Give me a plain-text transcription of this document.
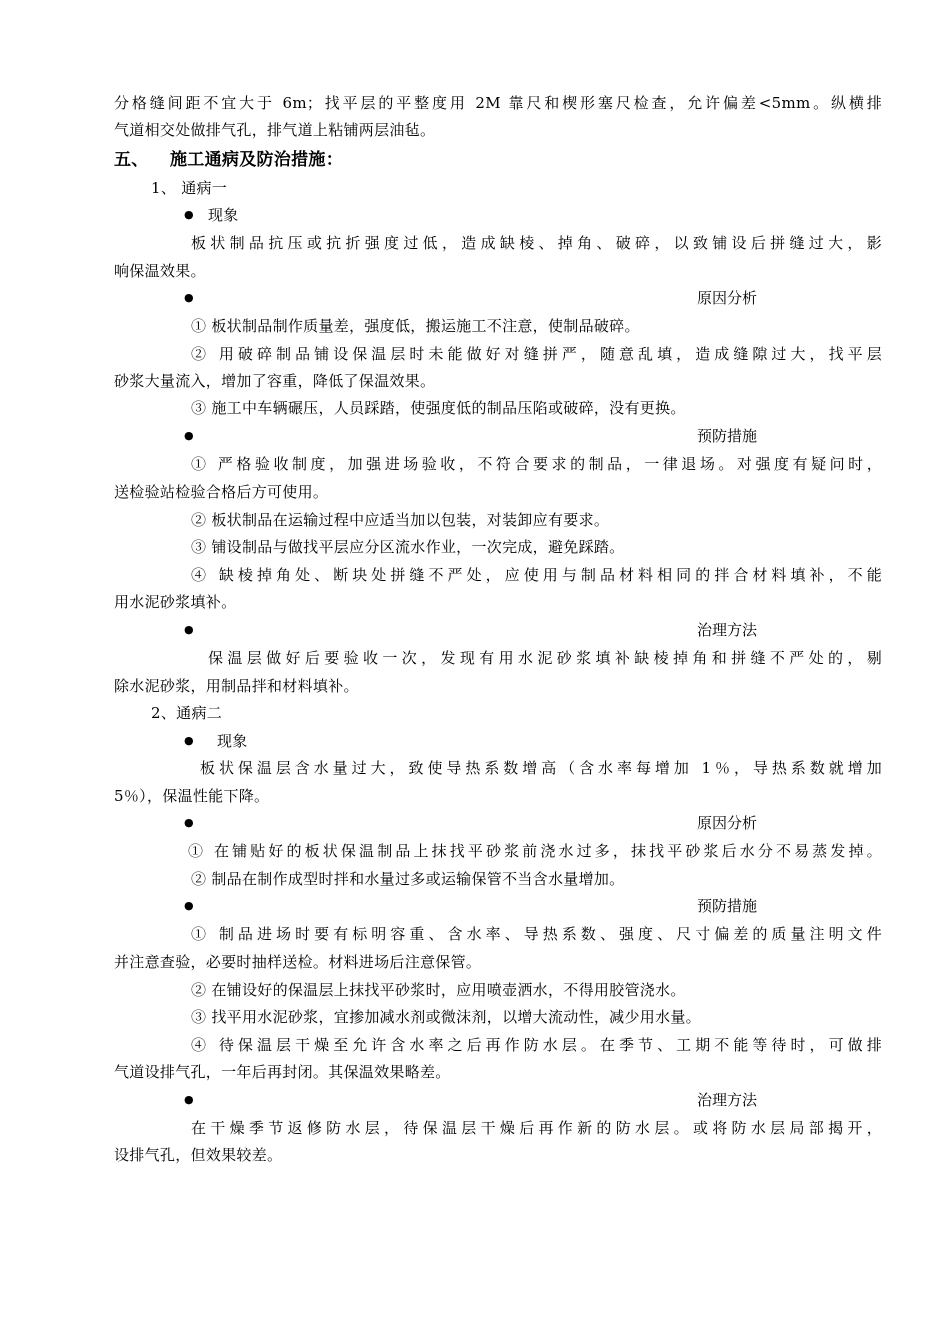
分格缝间距不宜大于 6m；找平层的平整度用 2M 靠尺和楔形塞尺检查，允许偏差<5mm。纵横排
气道相交处做排气孔，排气道上粘铺两层油毡。
五、 施工通病及防治措施：
1、 通病一
● 现象
板状制品抗压或抗折强度过低，造成缺棱、掉角、破碎，以致铺设后拼缝过大，影
响保温效果。
●	原因分析
① 板状制品制作质量差，强度低，搬运施工不注意，使制品破碎。
② 用破碎制品铺设保温层时未能做好对缝拼严，随意乱填，造成缝隙过大，找平层
砂浆大量流入，增加了容重，降低了保温效果。
③ 施工中车辆碾压，人员踩踏，使强度低的制品压陷或破碎，没有更换。
●	预防措施
① 严格验收制度，加强进场验收，不符合要求的制品，一律退场。对强度有疑问时，
送检验站检验合格后方可使用。
② 板状制品在运输过程中应适当加以包装，对装卸应有要求。
③ 铺设制品与做找平层应分区流水作业，一次完成，避免踩踏。
④ 缺棱掉角处、断块处拼缝不严处，应使用与制品材料相同的拌合材料填补，不能
用水泥砂浆填补。
●	治理方法
保温层做好后要验收一次，发现有用水泥砂浆填补缺棱掉角和拼缝不严处的，剔
除水泥砂浆，用制品拌和材料填补。
2、通病二
● 现象
板状保温层含水量过大，致使导热系数增高（含水率每增加 1％，导热系数就增加
5％），保温性能下降。
●	原因分析
① 在铺贴好的板状保温制品上抹找平砂浆前浇水过多，抹找平砂浆后水分不易蒸发掉。
② 制品在制作成型时拌和水量过多或运输保管不当含水量增加。
●	预防措施
① 制品进场时要有标明容重、含水率、导热系数、强度、尺寸偏差的质量注明文件
并注意查验，必要时抽样送检。材料进场后注意保管。
② 在铺设好的保温层上抹找平砂浆时，应用喷壶洒水，不得用胶管浇水。
③ 找平用水泥砂浆，宜掺加减水剂或微沫剂，以增大流动性，减少用水量。
④ 待保温层干燥至允许含水率之后再作防水层。在季节、工期不能等待时，可做排
气道设排气孔，一年后再封闭。其保温效果略差。
●	治理方法
在干燥季节返修防水层，待保温层干燥后再作新的防水层。或将防水层局部揭开，
设排气孔，但效果较差。
